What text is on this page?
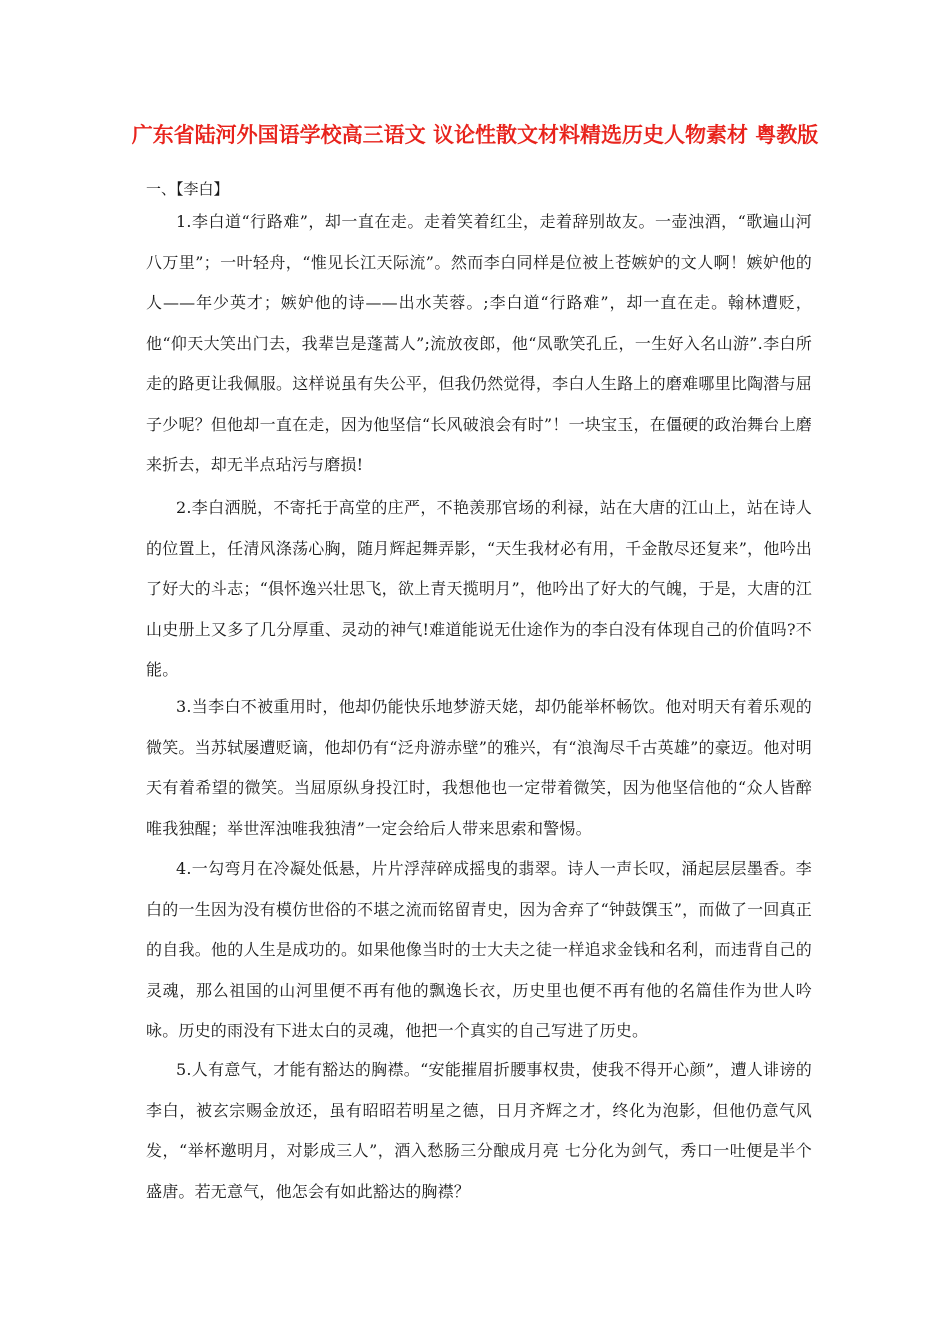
广东省陆河外国语学校高三语文 议论性散文材料精选历史人物素材 粤教版

一、【李白】

1.李白道“行路难”，却一直在走。走着笑着红尘，走着辞别故友。一壶浊酒，“歌遍山河八万里”；一叶轻舟，“惟见长江天际流”。然而李白同样是位被上苍嫉妒的文人啊！嫉妒他的人——年少英才；嫉妒他的诗——出水芙蓉。;李白道“行路难”，却一直在走。翰林遭贬，他“仰天大笑出门去，我辈岂是蓬蒿人”;流放夜郎，他“凤歌笑孔丘，一生好入名山游”.李白所走的路更让我佩服。这样说虽有失公平，但我仍然觉得，李白人生路上的磨难哪里比陶潜与屈子少呢？但他却一直在走，因为他坚信“长风破浪会有时”！一块宝玉，在僵硬的政治舞台上磨来折去，却无半点玷污与磨损!

2.李白洒脱，不寄托于高堂的庄严，不艳羡那官场的利禄，站在大唐的江山上，站在诗人的位置上，任清风涤荡心胸，随月辉起舞弄影，“天生我材必有用，千金散尽还复来”，他吟出了好大的斗志；“俱怀逸兴壮思飞，欲上青天揽明月”，他吟出了好大的气魄，于是，大唐的江山史册上又多了几分厚重、灵动的神气!难道能说无仕途作为的李白没有体现自己的价值吗?不能。

3.当李白不被重用时，他却仍能快乐地梦游天姥，却仍能举杯畅饮。他对明天有着乐观的微笑。当苏轼屡遭贬谪，他却仍有“泛舟游赤壁”的雅兴，有“浪淘尽千古英雄”的豪迈。他对明天有着希望的微笑。当屈原纵身投江时，我想他也一定带着微笑，因为他坚信他的“众人皆醉唯我独醒；举世浑浊唯我独清”一定会给后人带来思索和警惕。

4.一勾弯月在冷凝处低悬，片片浮萍碎成摇曳的翡翠。诗人一声长叹，涌起层层墨香。李白的一生因为没有模仿世俗的不堪之流而铭留青史，因为舍弃了“钟鼓馔玉”，而做了一回真正的自我。他的人生是成功的。如果他像当时的士大夫之徒一样追求金钱和名利，而违背自己的灵魂，那么祖国的山河里便不再有他的飘逸长衣，历史里也便不再有他的名篇佳作为世人吟咏。历史的雨没有下进太白的灵魂，他把一个真实的自己写进了历史。

5.人有意气，才能有豁达的胸襟。“安能摧眉折腰事权贵，使我不得开心颜”，遭人诽谤的李白，被玄宗赐金放还，虽有昭昭若明星之德，日月齐辉之才，终化为泡影，但他仍意气风发，“举杯邀明月，对影成三人”，酒入愁肠三分酿成月亮 七分化为剑气，秀口一吐便是半个盛唐。若无意气，他怎会有如此豁达的胸襟？
